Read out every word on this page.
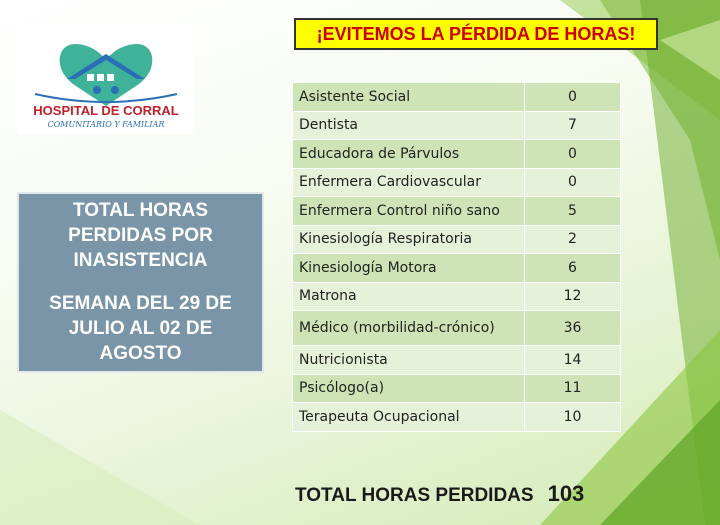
HOSPITAL DE CORRAL
COMUNITARIO Y FAMILIAR
¡EVITEMOS LA PÉRDIDA DE HORAS!
TOTAL HORAS
PERDIDAS POR
INASISTENCIA
SEMANA DEL 29 DE
JULIO AL 02 DE
AGOSTO
Asistente Social	0
Dentista	7
Educadora de Párvulos	0
Enfermera Cardiovascular	0
Enfermera Control niño sano	5
Kinesiología Respiratoria	2
Kinesiología Motora	6
Matrona	12
Médico (morbilidad-crónico)	36
Nutricionista	14
Psicólogo(a)	11
Terapeuta Ocupacional	10
TOTAL HORAS PERDIDAS 103
